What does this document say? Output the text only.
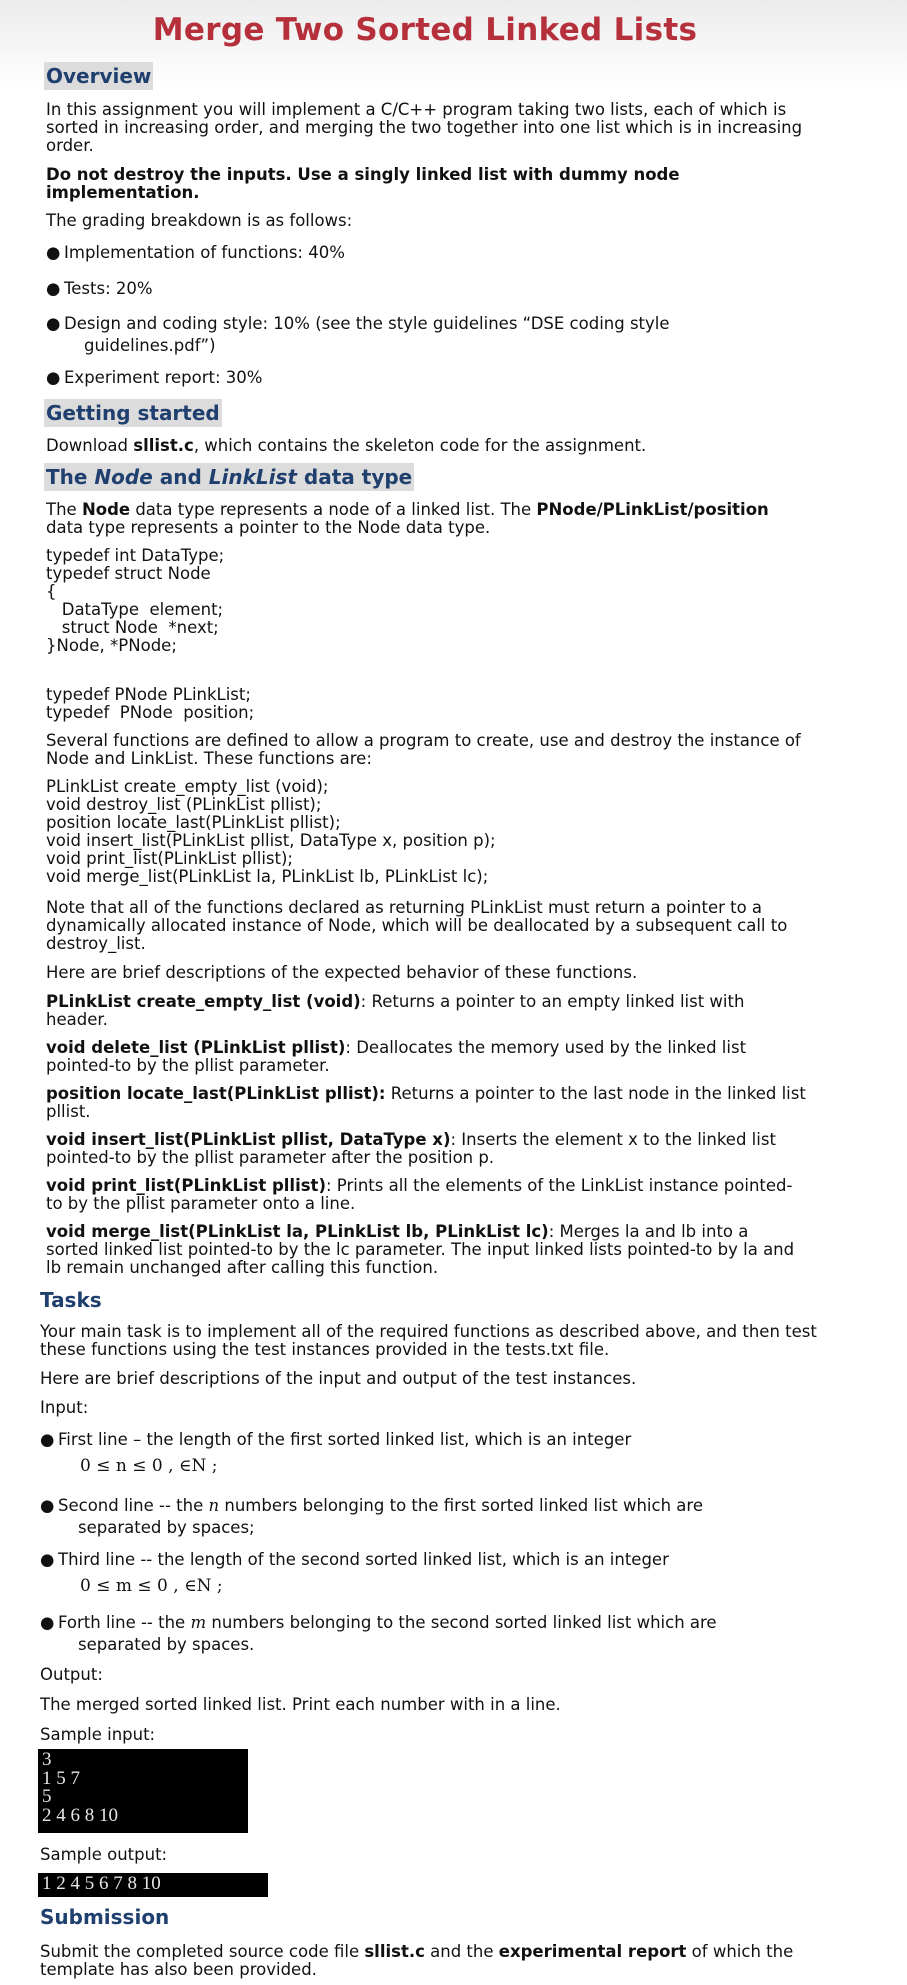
Merge Two Sorted Linked Lists
Overview

In this assignment you will implement a C/C++ program taking two lists, each of which is sorted in increasing order, and merging the two together into one list which is in increasing order.

Do not destroy the inputs. Use a singly linked list with dummy node implementation.

The grading breakdown is as follows:

● Implementation of functions: 40%
● Tests: 20%
● Design and coding style: 10% (see the style guidelines “DSE coding style
guidelines.pdf”)
● Experiment report: 30%
Getting started

Download sllist.c, which contains the skeleton code for the assignment.

The Node and LinkList data type

The Node data type represents a node of a linked list. The PNode/PLinkList/position
data type represents a pointer to the Node data type.

typedef int DataType;
typedef struct Node
{
DataType  element;
struct Node  *next;
}Node, *PNode;
typedef PNode PLinkList;
typedef  PNode  position;

Several functions are defined to allow a program to create, use and destroy the instance of Node and LinkList. These functions are:

PLinkList create_empty_list (void);
void destroy_list (PLinkList pllist);
position locate_last(PLinkList pllist);
void insert_list(PLinkList pllist, DataType x, position p);
void print_list(PLinkList pllist);
void merge_list(PLinkList la, PLinkList lb, PLinkList lc);

Note that all of the functions declared as returning PLinkList must return a pointer to a dynamically allocated instance of Node, which will be deallocated by a subsequent call to destroy_list.

Here are brief descriptions of the expected behavior of these functions.

PLinkList create_empty_list (void): Returns a pointer to an empty linked list with header.

void delete_list (PLinkList pllist): Deallocates the memory used by the linked list pointed-to by the pllist parameter.

position locate_last(PLinkList pllist): Returns a pointer to the last node in the linked list pllist.

void insert_list(PLinkList pllist, DataType x): Inserts the element x to the linked list pointed-to by the pllist parameter after the position p.

void print_list(PLinkList pllist): Prints all the elements of the LinkList instance pointed-to by the pllist parameter onto a line.

void merge_list(PLinkList la, PLinkList lb, PLinkList lc): Merges la and lb into a sorted linked list pointed-to by the lc parameter. The input linked lists pointed-to by la and lb remain unchanged after calling this function.

Tasks

Your main task is to implement all of the required functions as described above, and then test these functions using the test instances provided in the tests.txt file.

Here are brief descriptions of the input and output of the test instances.

Input:

● First line – the length of the first sorted linked list, which is an integer
0 ≤ n ≤ 0 , ∈N ;
● Second line -- the n numbers belonging to the first sorted linked list which are
separated by spaces;
● Third line -- the length of the second sorted linked list, which is an integer
0 ≤ m ≤ 0 , ∈N ;
● Forth line -- the m numbers belonging to the second sorted linked list which are
separated by spaces.

Output:

The merged sorted linked list. Print each number with in a line.

Sample input:

3
1 5 7
5
2 4 6 8 10

Sample output:

1 2 4 5 6 7 8 10
Submission

Submit the completed source code file sllist.c and the experimental report of which the template has also been provided.
